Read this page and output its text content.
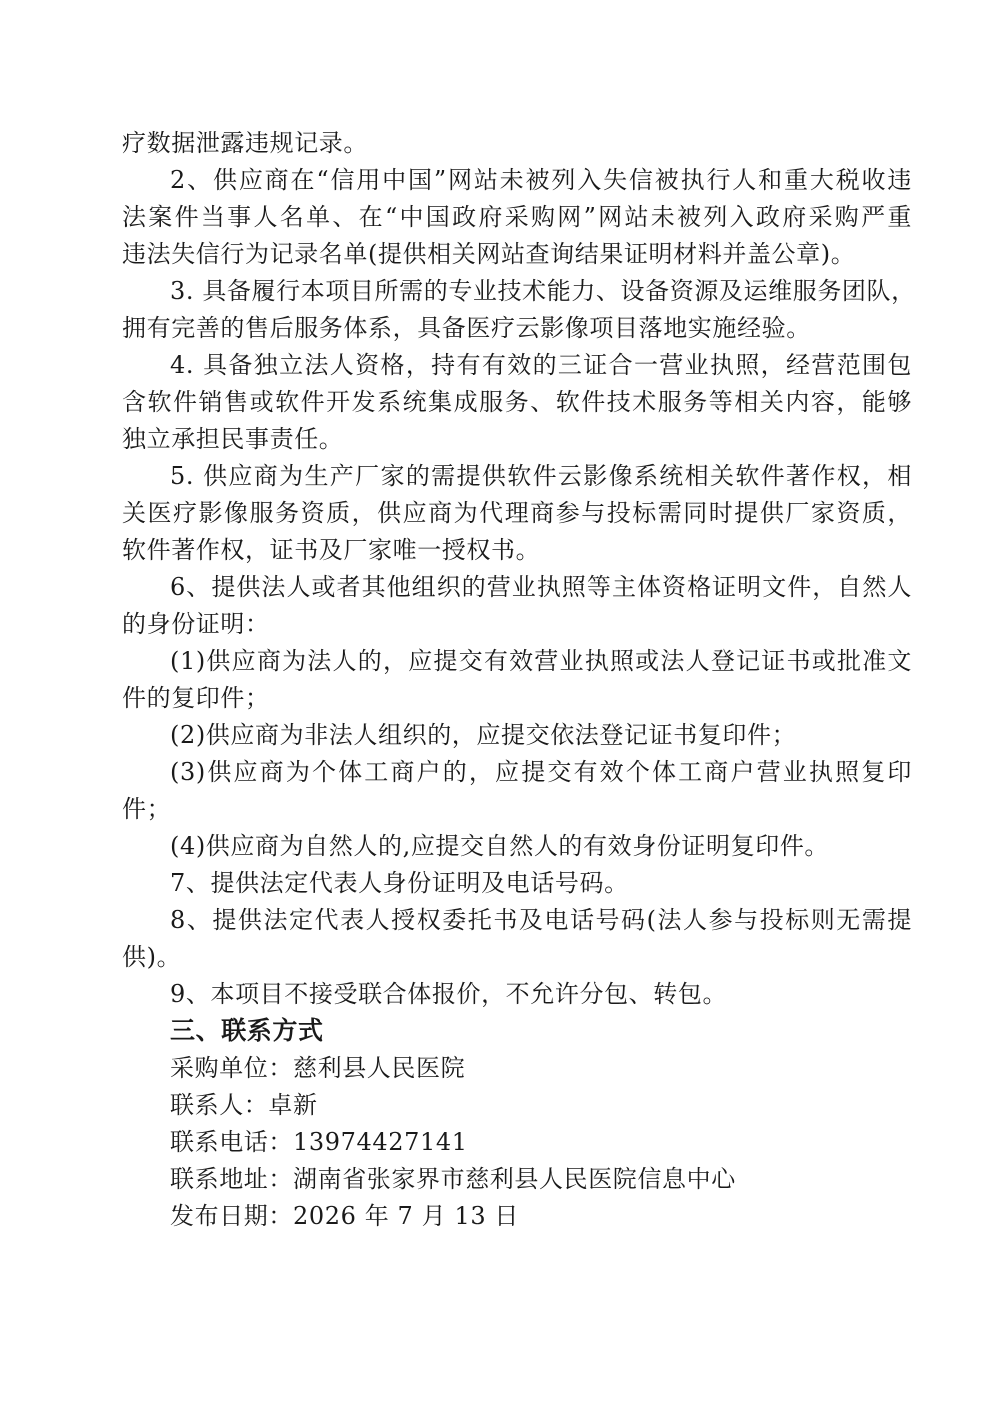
疗数据泄露违规记录。
2、供应商在“信用中国”网站未被列入失信被执行人和重大税收违
法案件当事人名单、在“中国政府采购网”网站未被列入政府采购严重
违法失信行为记录名单(提供相关网站查询结果证明材料并盖公章)。
3. 具备履行本项目所需的专业技术能力、设备资源及运维服务团队，
拥有完善的售后服务体系，具备医疗云影像项目落地实施经验。
4. 具备独立法人资格，持有有效的三证合一营业执照，经营范围包
含软件销售或软件开发系统集成服务、软件技术服务等相关内容，能够
独立承担民事责任。
5. 供应商为生产厂家的需提供软件云影像系统相关软件著作权，相
关医疗影像服务资质，供应商为代理商参与投标需同时提供厂家资质，
软件著作权，证书及厂家唯一授权书。
6、提供法人或者其他组织的营业执照等主体资格证明文件，自然人
的身份证明：
(1)供应商为法人的，应提交有效营业执照或法人登记证书或批准文
件的复印件；
(2)供应商为非法人组织的，应提交依法登记证书复印件；
(3)供应商为个体工商户的，应提交有效个体工商户营业执照复印
件；
(4)供应商为自然人的,应提交自然人的有效身份证明复印件。
7、提供法定代表人身份证明及电话号码。
8、提供法定代表人授权委托书及电话号码(法人参与投标则无需提
供)。
9、本项目不接受联合体报价，不允许分包、转包。
三、联系方式
采购单位：慈利县人民医院
联系人：卓新
联系电话：13974427141
联系地址：湖南省张家界市慈利县人民医院信息中心
发布日期：2026 年 7 月 13 日
